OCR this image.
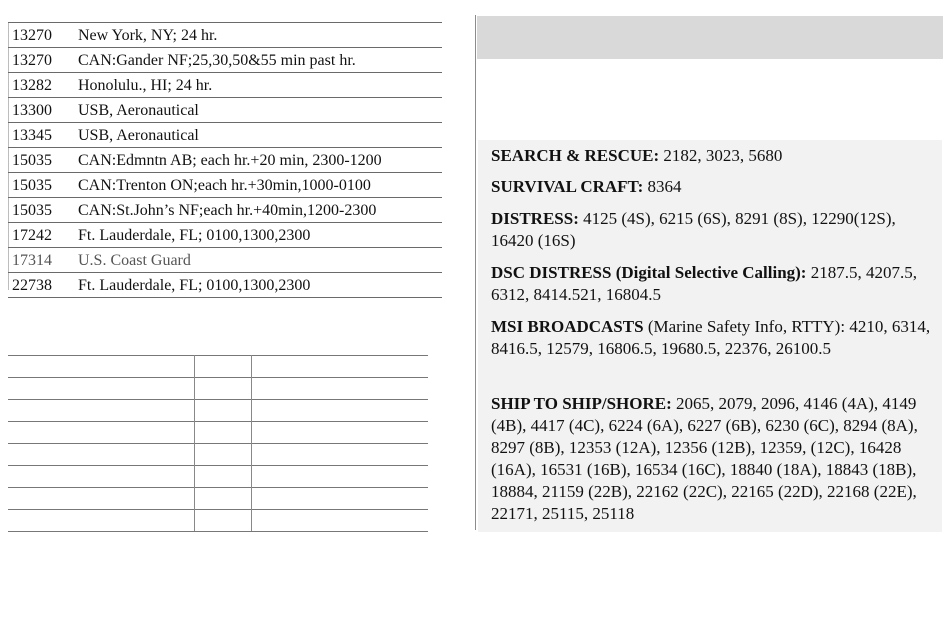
13270	New York, NY; 24 hr.
13270	CAN:Gander NF;25,30,50&55 min past hr.
13282	Honolulu., HI; 24 hr.
13300	USB, Aeronautical
13345	USB, Aeronautical
15035	CAN:Edmntn AB; each hr.+20 min, 2300-1200
15035	CAN:Trenton ON;each hr.+30min,1000-0100
15035	CAN:St.John’s NF;each hr.+40min,1200-2300
17242	Ft. Lauderdale, FL; 0100,1300,2300
17314	U.S. Coast Guard
22738	Ft. Lauderdale, FL; 0100,1300,2300

SEARCH & RESCUE: 2182, 3023, 5680
SURVIVAL CRAFT: 8364
DISTRESS: 4125 (4S), 6215 (6S), 8291 (8S), 12290(12S), 16420 (16S)
DSC DISTRESS (Digital Selective Calling): 2187.5, 4207.5, 6312, 8414.521, 16804.5
MSI BROADCASTS (Marine Safety Info, RTTY): 4210, 6314, 8416.5, 12579, 16806.5, 19680.5, 22376, 26100.5
SHIP TO SHIP/SHORE: 2065, 2079, 2096, 4146 (4A), 4149 (4B), 4417 (4C), 6224 (6A), 6227 (6B), 6230 (6C), 8294 (8A), 8297 (8B), 12353 (12A), 12356 (12B), 12359, (12C), 16428 (16A), 16531 (16B), 16534 (16C), 18840 (18A), 18843 (18B), 18884, 21159 (22B), 22162 (22C), 22165 (22D), 22168 (22E), 22171, 25115, 25118
